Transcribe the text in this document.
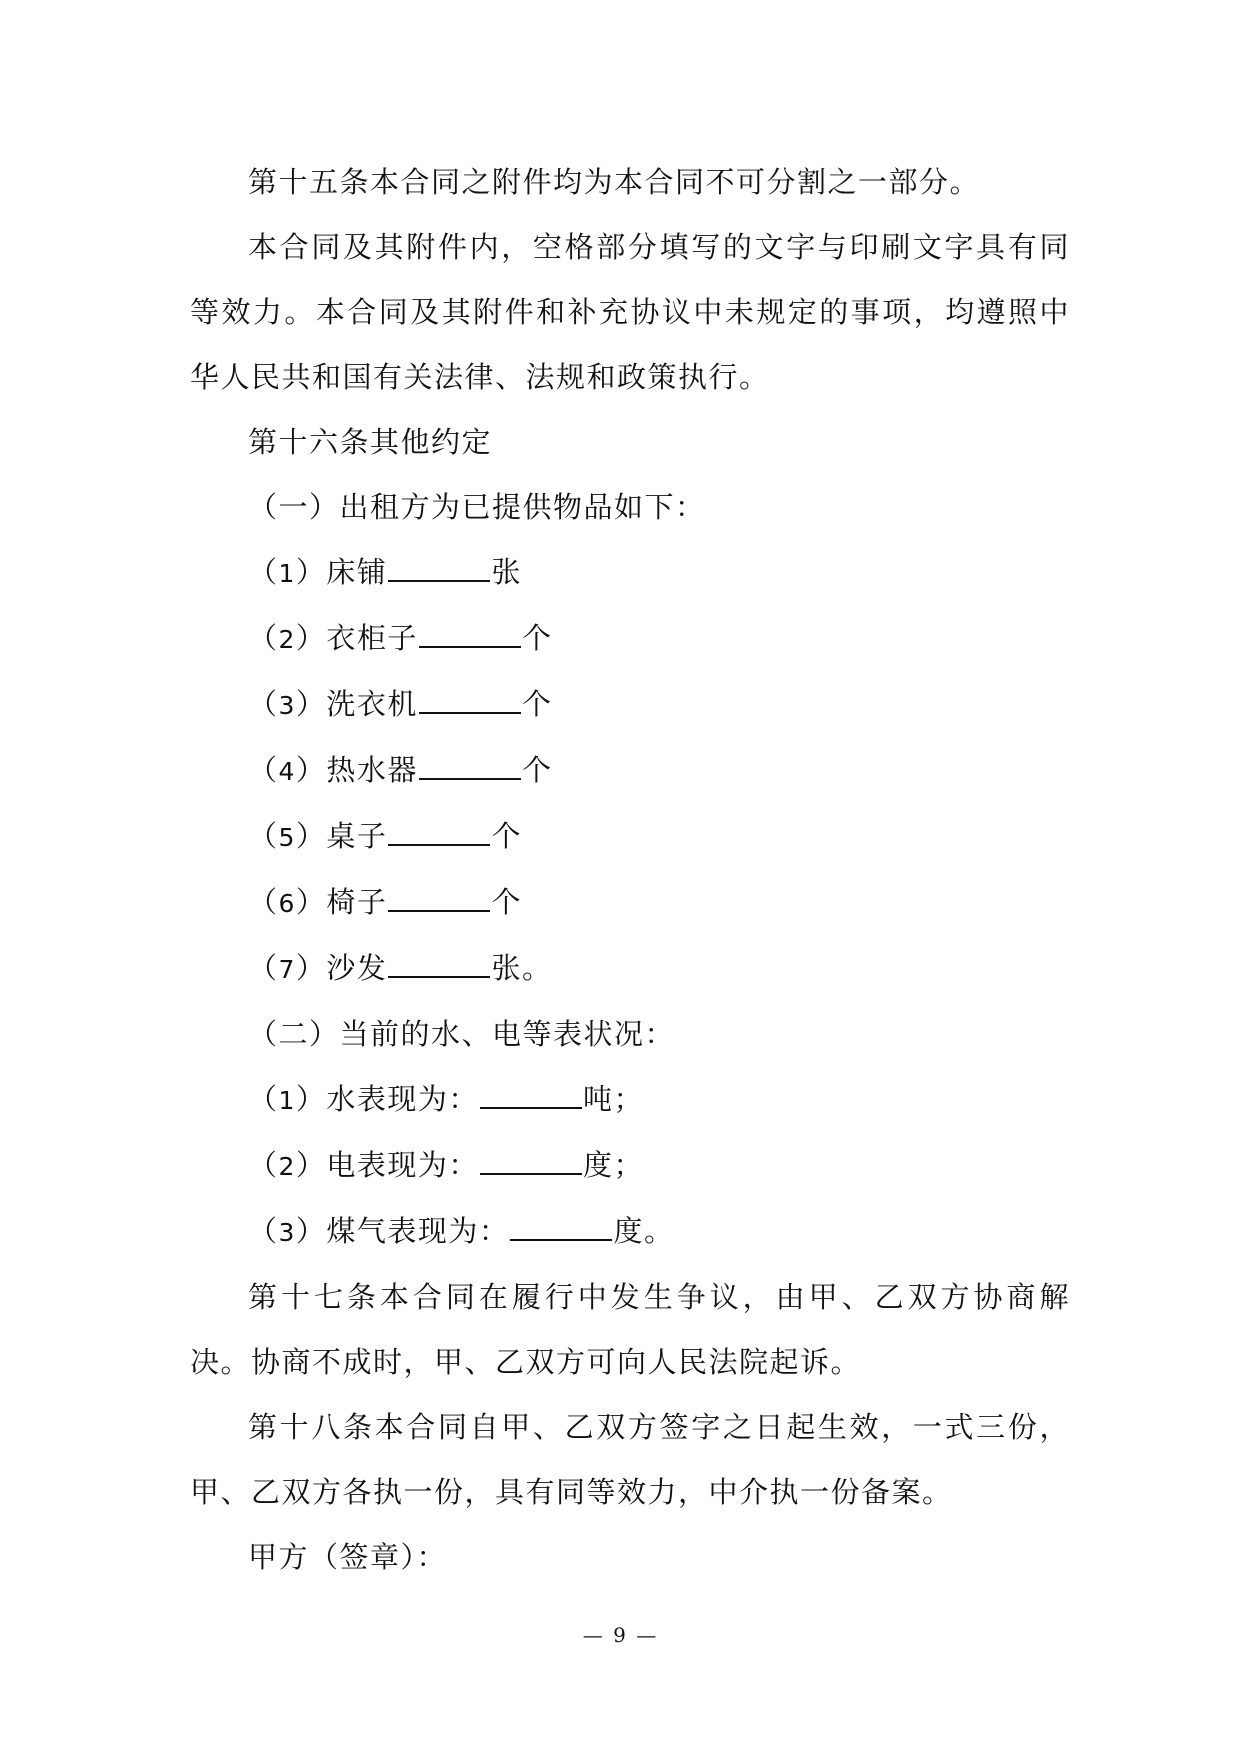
第十五条本合同之附件均为本合同不可分割之一部分。

本合同及其附件内，空格部分填写的文字与印刷文字具有同等效力。本合同及其附件和补充协议中未规定的事项，均遵照中华人民共和国有关法律、法规和政策执行。

第十六条其他约定

（一）出租方为已提供物品如下：

（1）床铺	张

（2）衣柜子	个

（3）洗衣机	个

（4）热水器	个

（5）桌子	个

（6）椅子	个

（7）沙发	张。

（二）当前的水、电等表状况：

（1）水表现为：	吨；

（2）电表现为：	度；

（3）煤气表现为：	度。

第十七条本合同在履行中发生争议，由甲、乙双方协商解决。协商不成时，甲、乙双方可向人民法院起诉。

第十八条本合同自甲、乙双方签字之日起生效，一式三份，甲、乙双方各执一份，具有同等效力，中介执一份备案。

甲方（签章）：

— 9 —
